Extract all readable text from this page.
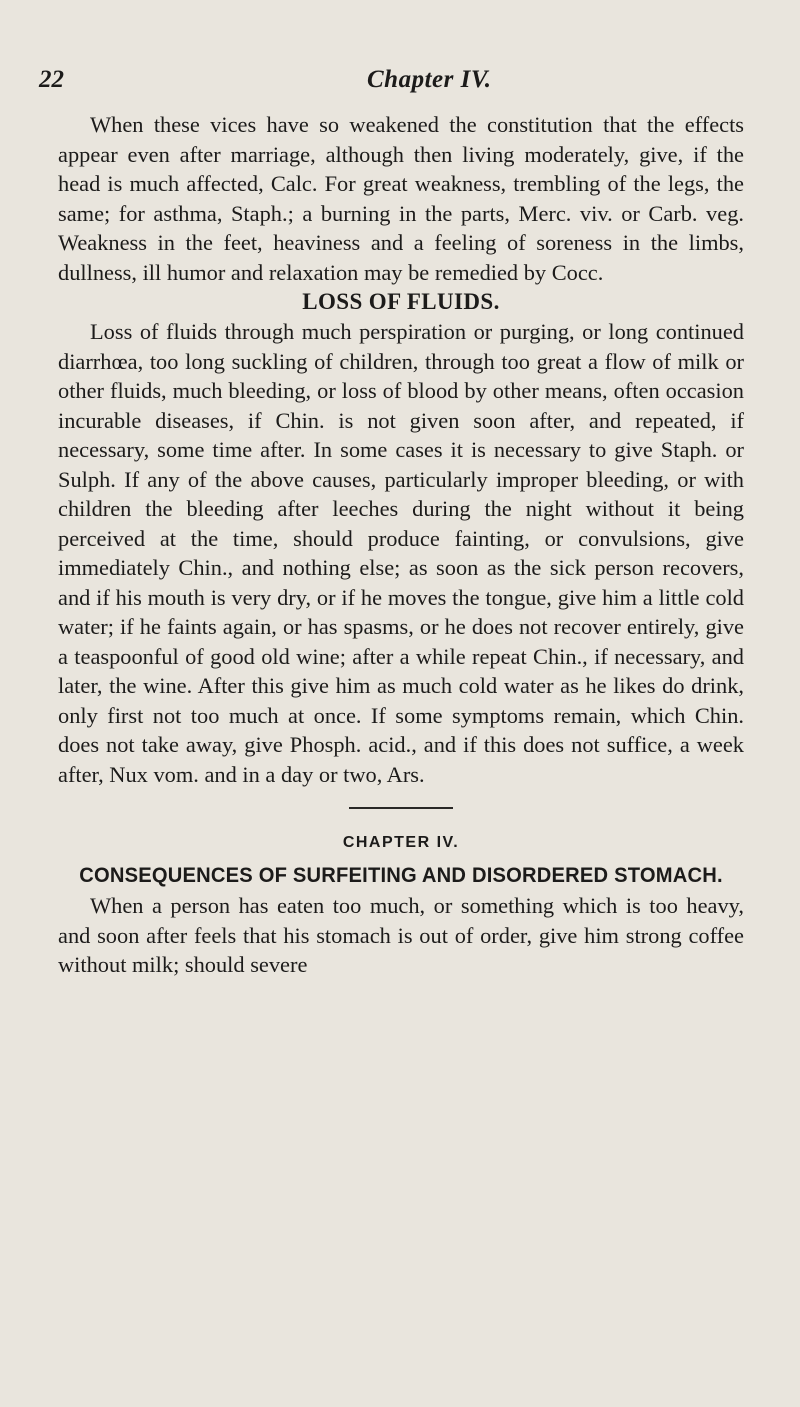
22	Chapter IV.

When these vices have so weakened the constitution that the effects appear even after marriage, although then living moderately, give, if the head is much affected, Calc. For great weakness, trembling of the legs, the same; for asthma, Staph.; a burning in the parts, Merc. viv. or Carb. veg. Weakness in the feet, heaviness and a feeling of soreness in the limbs, dullness, ill humor and relaxation may be remedied by Cocc.

LOSS OF FLUIDS.

Loss of fluids through much perspiration or purging, or long continued diarrhœa, too long suckling of children, through too great a flow of milk or other fluids, much bleeding, or loss of blood by other means, often occasion incurable diseases, if Chin. is not given soon after, and repeated, if necessary, some time after. In some cases it is necessary to give Staph. or Sulph. If any of the above causes, particularly improper bleeding, or with children the bleeding after leeches during the night without it being perceived at the time, should produce fainting, or convulsions, give immediately Chin., and nothing else; as soon as the sick person recovers, and if his mouth is very dry, or if he moves the tongue, give him a little cold water; if he faints again, or has spasms, or he does not recover entirely, give a teaspoonful of good old wine; after a while repeat Chin., if necessary, and later, the wine. After this give him as much cold water as he likes do drink, only first not too much at once. If some symptoms remain, which Chin. does not take away, give Phosph. acid., and if this does not suffice, a week after, Nux vom. and in a day or two, Ars.

CHAPTER IV.

CONSEQUENCES OF SURFEITING AND DISORDERED STOMACH.

When a person has eaten too much, or something which is too heavy, and soon after feels that his stomach is out of order, give him strong coffee without milk; should severe
